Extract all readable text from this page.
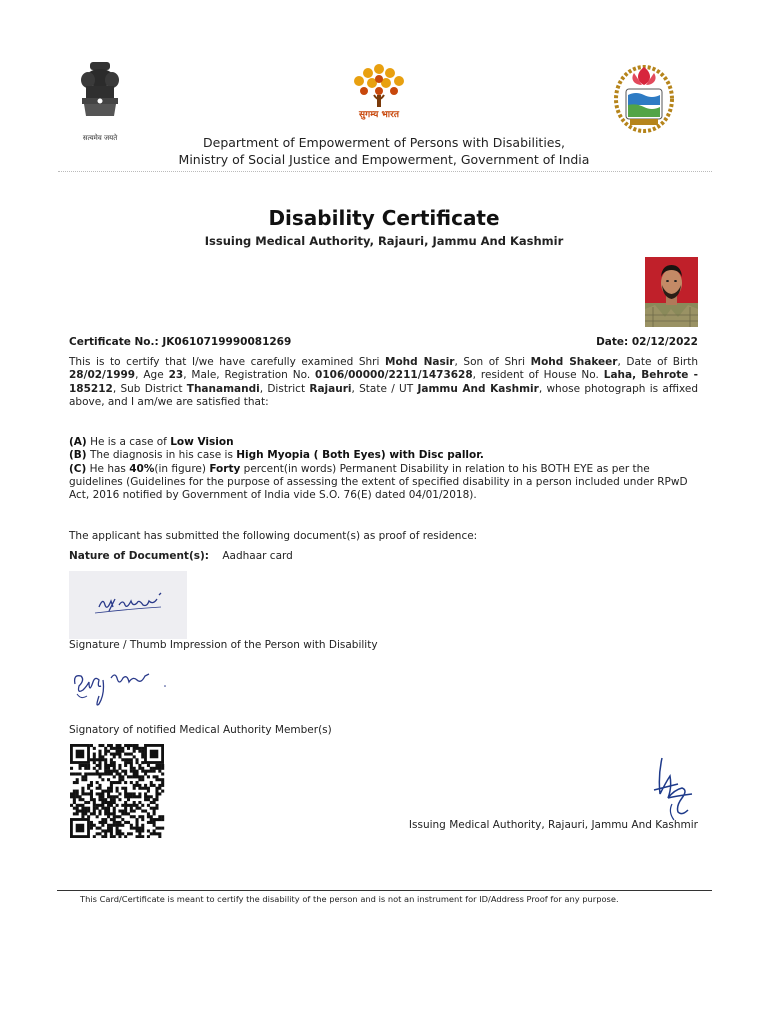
सत्यमेव जयते
सुगम्य भारत
Department of Empowerment of Persons with Disabilities,
Ministry of Social Justice and Empowerment, Government of India
Disability Certificate
Issuing Medical Authority, Rajauri, Jammu And Kashmir
Certificate No.: JK0610719990081269	Date: 02/12/2022
This is to certify that I/we have carefully examined Shri Mohd Nasir, Son of Shri Mohd Shakeer, Date of Birth 28/02/1999, Age 23, Male, Registration No. 0106/00000/2211/1473628, resident of House No. Laha, Behrote - 185212, Sub District Thanamandi, District Rajauri, State / UT Jammu And Kashmir, whose photograph is affixed above, and I am/we are satisfied that:
(A) He is a case of Low Vision
(B) The diagnosis in his case is High Myopia ( Both Eyes) with Disc pallor.
(C) He has 40%(in figure) Forty percent(in words) Permanent Disability in relation to his BOTH EYE as per the guidelines (Guidelines for the purpose of assessing the extent of specified disability in a person included under RPwD Act, 2016 notified by Government of India vide S.O. 76(E) dated 04/01/2018).
The applicant has submitted the following document(s) as proof of residence:
Nature of Document(s): Aadhaar card
Signature / Thumb Impression of the Person with Disability
Signatory of notified Medical Authority Member(s)
Issuing Medical Authority, Rajauri, Jammu And Kashmir
This Card/Certificate is meant to certify the disability of the person and is not an instrument for ID/Address Proof for any purpose.
